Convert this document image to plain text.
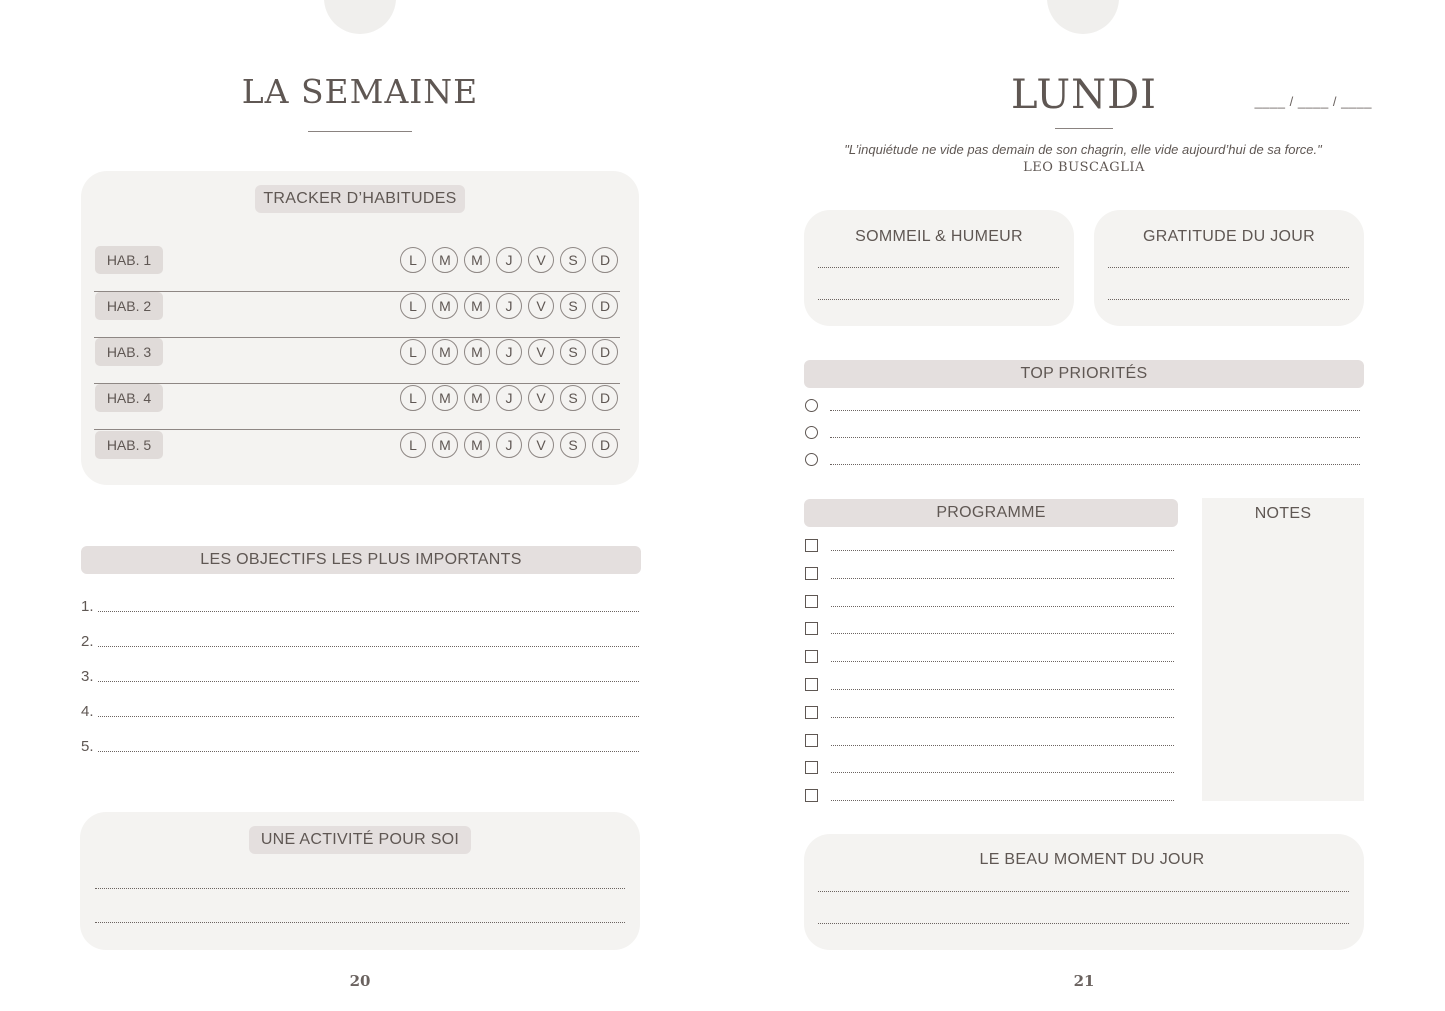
LA SEMAINE
TRACKER D’HABITUDES
HAB. 1	L	M	M	J	V	S	D
HAB. 2	L	M	M	J	V	S	D
HAB. 3	L	M	M	J	V	S	D
HAB. 4	L	M	M	J	V	S	D
HAB. 5	L	M	M	J	V	S	D
LES OBJECTIFS LES PLUS IMPORTANTS
1.
2.
3.
4.
5.
UNE ACTIVITÉ POUR SOI
20
LUNDI	____ / ____ / ____
"L’inquiétude ne vide pas demain de son chagrin, elle vide aujourd’hui de sa force."
LEO BUSCAGLIA
SOMMEIL & HUMEUR	GRATITUDE DU JOUR
TOP PRIORITÉS
PROGRAMME	NOTES
LE BEAU MOMENT DU JOUR
21
